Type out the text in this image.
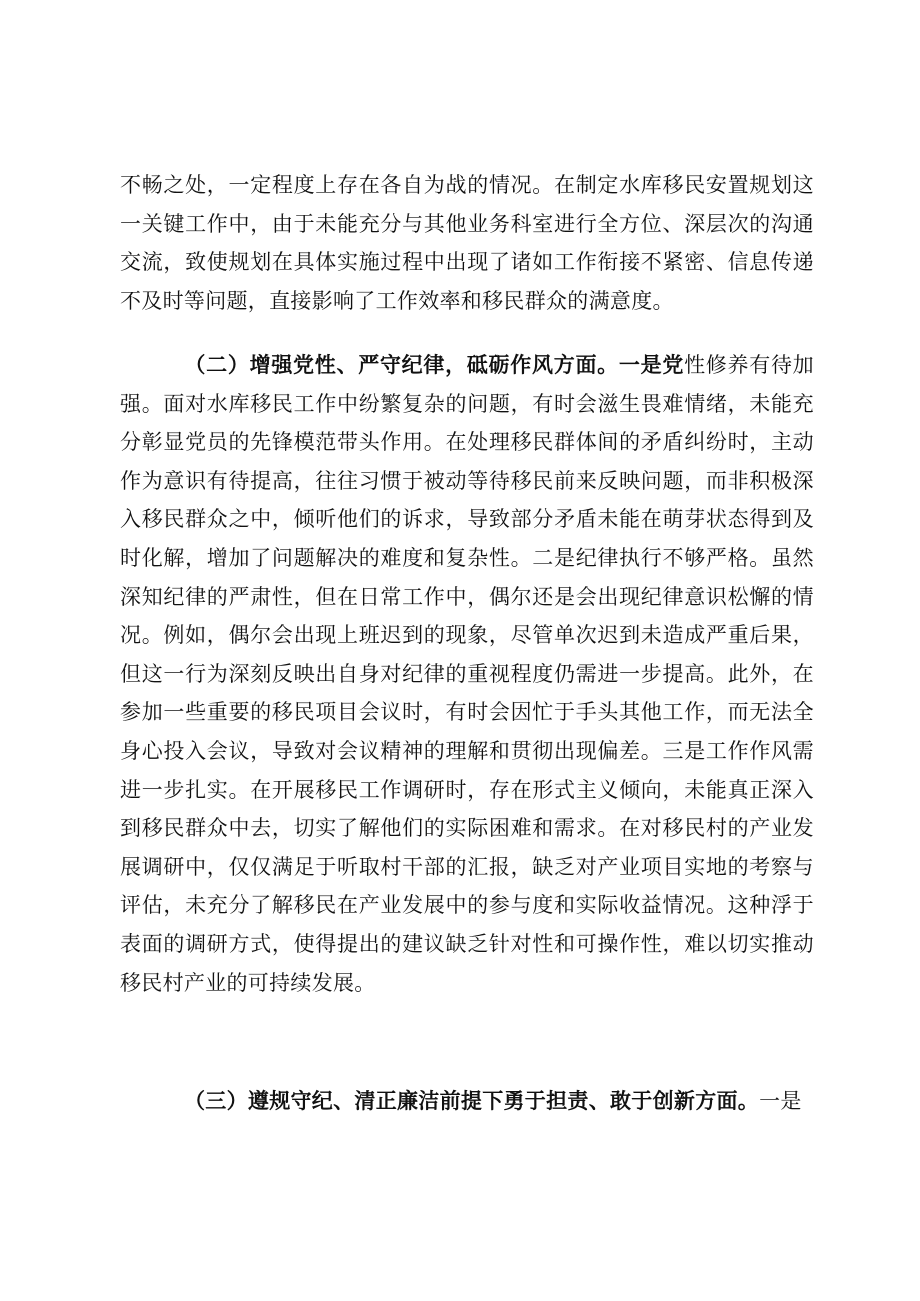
不畅之处，一定程度上存在各自为战的情况。在制定水库移民安置规划这一关键工作中，由于未能充分与其他业务科室进行全方位、深层次的沟通交流，致使规划在具体实施过程中出现了诸如工作衔接不紧密、信息传递不及时等问题，直接影响了工作效率和移民群众的满意度。

（二）增强党性、严守纪律，砥砺作风方面。一是党性修养有待加强。面对水库移民工作中纷繁复杂的问题，有时会滋生畏难情绪，未能充分彰显党员的先锋模范带头作用。在处理移民群体间的矛盾纠纷时，主动作为意识有待提高，往往习惯于被动等待移民前来反映问题，而非积极深入移民群众之中，倾听他们的诉求，导致部分矛盾未能在萌芽状态得到及时化解，增加了问题解决的难度和复杂性。二是纪律执行不够严格。虽然深知纪律的严肃性，但在日常工作中，偶尔还是会出现纪律意识松懈的情况。例如，偶尔会出现上班迟到的现象，尽管单次迟到未造成严重后果，但这一行为深刻反映出自身对纪律的重视程度仍需进一步提高。此外，在参加一些重要的移民项目会议时，有时会因忙于手头其他工作，而无法全身心投入会议，导致对会议精神的理解和贯彻出现偏差。三是工作作风需进一步扎实。在开展移民工作调研时，存在形式主义倾向，未能真正深入到移民群众中去，切实了解他们的实际困难和需求。在对移民村的产业发展调研中，仅仅满足于听取村干部的汇报，缺乏对产业项目实地的考察与评估，未充分了解移民在产业发展中的参与度和实际收益情况。这种浮于表面的调研方式，使得提出的建议缺乏针对性和可操作性，难以切实推动移民村产业的可持续发展。

（三）遵规守纪、清正廉洁前提下勇于担责、敢于创新方面。一是
